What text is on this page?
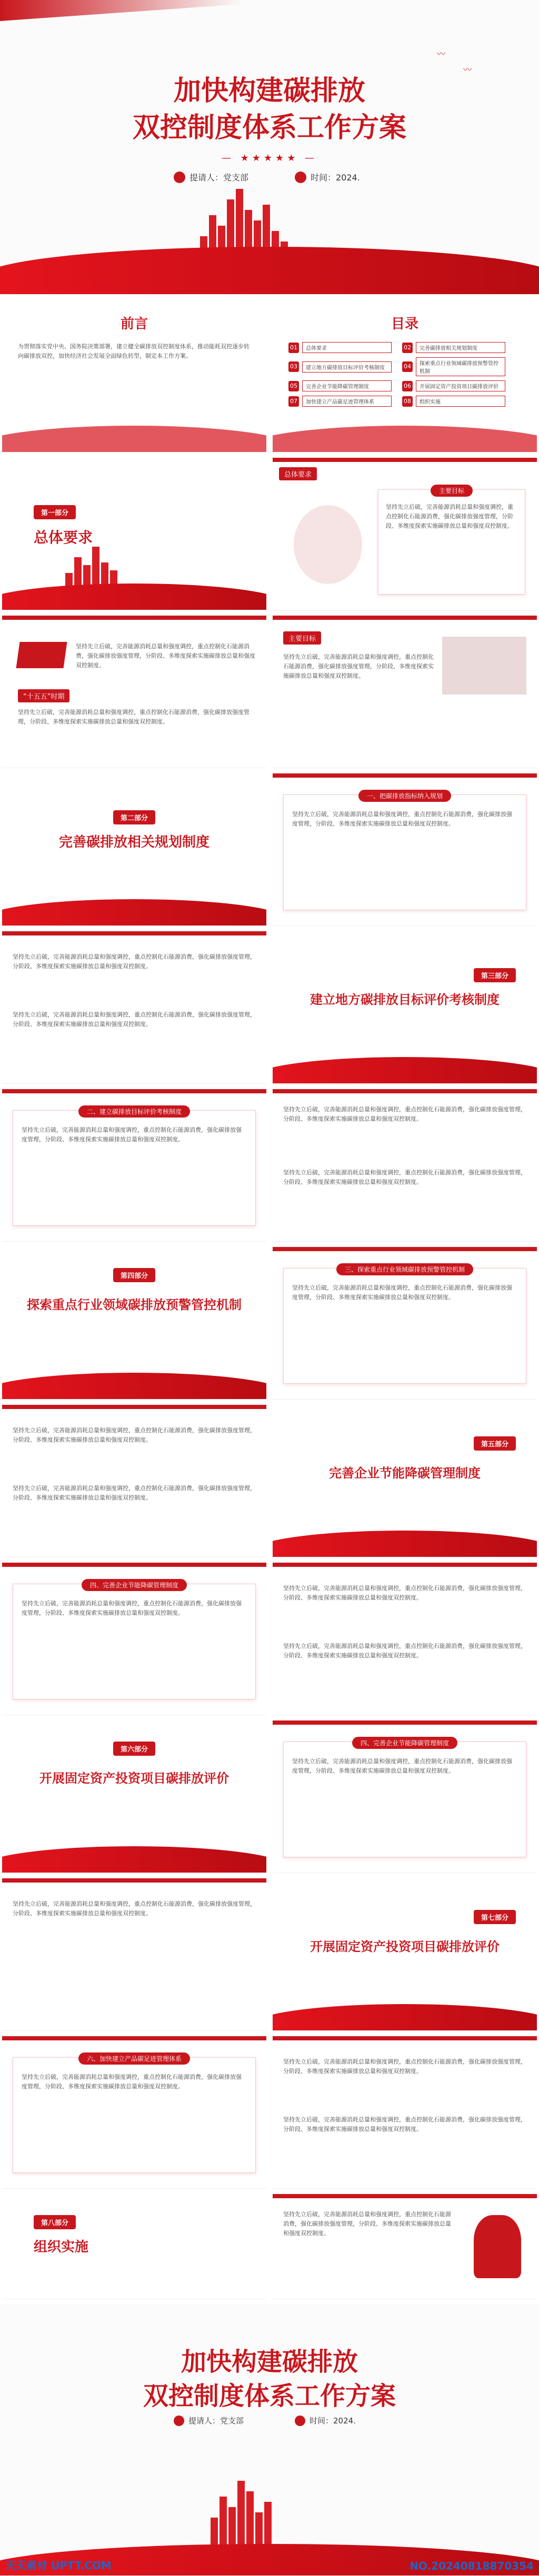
〰
〰
加快构建碳排放
双控制度体系工作方案
— ★★★★★ —
提请人：党支部	时间：2024.
前言
为贯彻落实党中央、国务院决策部署，建立健全碳排放双控制度体系，推动能耗双控逐步转向碳排放双控，加快经济社会发展全面绿色转型，制定本工作方案。
目录
01	总体要求	02	完善碳排放相关规划制度
03	建立地方碳排放目标评价考核制度	04	探索重点行业领域碳排放预警管控机制
05	完善企业节能降碳管理制度	06	开展固定资产投资项目碳排放评价
07	加快建立产品碳足迹管理体系	08	组织实施
第一部分
总体要求
总体要求
主要目标
坚持先立后破，完善能源消耗总量和强度调控，重点控制化石能源消费，强化碳排放强度管理，分阶段、多维度探索实施碳排放总量和强度双控制度。
坚持先立后破，完善能源消耗总量和强度调控，重点控制化石能源消费，强化碳排放强度管理，分阶段、多维度探索实施碳排放总量和强度双控制度。
“十五五”时期
坚持先立后破，完善能源消耗总量和强度调控，重点控制化石能源消费，强化碳排放强度管理，分阶段、多维度探索实施碳排放总量和强度双控制度。
主要目标
坚持先立后破，完善能源消耗总量和强度调控，重点控制化石能源消费，强化碳排放强度管理，分阶段、多维度探索实施碳排放总量和强度双控制度。
第二部分
完善碳排放相关规划制度
一、把碳排放指标纳入规划
坚持先立后破，完善能源消耗总量和强度调控，重点控制化石能源消费，强化碳排放强度管理，分阶段、多维度探索实施碳排放总量和强度双控制度。
坚持先立后破，完善能源消耗总量和强度调控，重点控制化石能源消费，强化碳排放强度管理，分阶段、多维度探索实施碳排放总量和强度双控制度。
坚持先立后破，完善能源消耗总量和强度调控，重点控制化石能源消费，强化碳排放强度管理，分阶段、多维度探索实施碳排放总量和强度双控制度。
第三部分
建立地方碳排放目标评价考核制度
二、建立碳排放目标评价考核制度
坚持先立后破，完善能源消耗总量和强度调控，重点控制化石能源消费，强化碳排放强度管理，分阶段、多维度探索实施碳排放总量和强度双控制度。
坚持先立后破，完善能源消耗总量和强度调控，重点控制化石能源消费，强化碳排放强度管理，分阶段、多维度探索实施碳排放总量和强度双控制度。
坚持先立后破，完善能源消耗总量和强度调控，重点控制化石能源消费，强化碳排放强度管理，分阶段、多维度探索实施碳排放总量和强度双控制度。
第四部分
探索重点行业领域碳排放预警管控机制
三、探索重点行业领域碳排放预警管控机制
坚持先立后破，完善能源消耗总量和强度调控，重点控制化石能源消费，强化碳排放强度管理，分阶段、多维度探索实施碳排放总量和强度双控制度。
坚持先立后破，完善能源消耗总量和强度调控，重点控制化石能源消费，强化碳排放强度管理，分阶段、多维度探索实施碳排放总量和强度双控制度。
坚持先立后破，完善能源消耗总量和强度调控，重点控制化石能源消费，强化碳排放强度管理，分阶段、多维度探索实施碳排放总量和强度双控制度。
第五部分
完善企业节能降碳管理制度
四、完善企业节能降碳管理制度
坚持先立后破，完善能源消耗总量和强度调控，重点控制化石能源消费，强化碳排放强度管理，分阶段、多维度探索实施碳排放总量和强度双控制度。
坚持先立后破，完善能源消耗总量和强度调控，重点控制化石能源消费，强化碳排放强度管理，分阶段、多维度探索实施碳排放总量和强度双控制度。
坚持先立后破，完善能源消耗总量和强度调控，重点控制化石能源消费，强化碳排放强度管理，分阶段、多维度探索实施碳排放总量和强度双控制度。
第六部分
开展固定资产投资项目碳排放评价
四、完善企业节能降碳管理制度
坚持先立后破，完善能源消耗总量和强度调控，重点控制化石能源消费，强化碳排放强度管理，分阶段、多维度探索实施碳排放总量和强度双控制度。
坚持先立后破，完善能源消耗总量和强度调控，重点控制化石能源消费，强化碳排放强度管理，分阶段、多维度探索实施碳排放总量和强度双控制度。
第七部分
开展固定资产投资项目碳排放评价
六、加快建立产品碳足迹管理体系
坚持先立后破，完善能源消耗总量和强度调控，重点控制化石能源消费，强化碳排放强度管理，分阶段、多维度探索实施碳排放总量和强度双控制度。
坚持先立后破，完善能源消耗总量和强度调控，重点控制化石能源消费，强化碳排放强度管理，分阶段、多维度探索实施碳排放总量和强度双控制度。
坚持先立后破，完善能源消耗总量和强度调控，重点控制化石能源消费，强化碳排放强度管理，分阶段、多维度探索实施碳排放总量和强度双控制度。
第八部分
组织实施
坚持先立后破，完善能源消耗总量和强度调控，重点控制化石能源消费，强化碳排放强度管理，分阶段、多维度探索实施碳排放总量和强度双控制度。
加快构建碳排放
双控制度体系工作方案
提请人：党支部	时间：2024.
天天素材 UPTT.COM	NO.20240818870354
